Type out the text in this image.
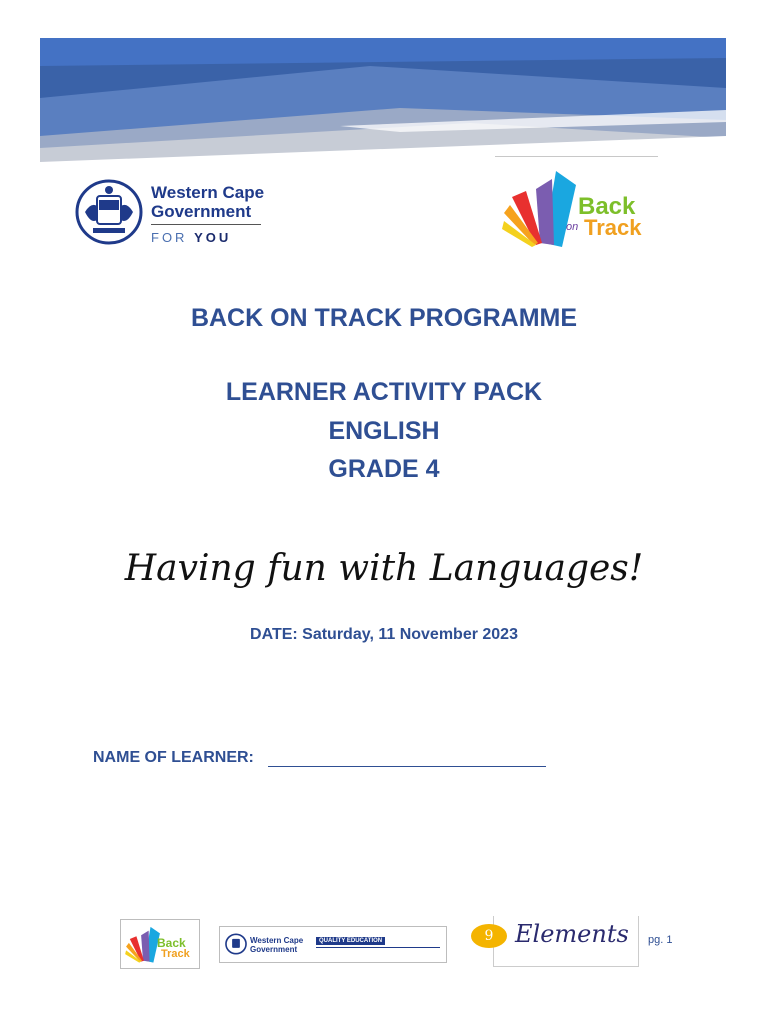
Western Cape
Government
FOR YOU
Back
on Track
BACK ON TRACK PROGRAMME
LEARNER ACTIVITY PACK
ENGLISH
GRADE 4
Having fun with Languages!
DATE: Saturday, 11 November 2023
NAME OF LEARNER:
Back
Track
Western Cape
Government
QUALITY EDUCATION	9 Elements pg. 1
